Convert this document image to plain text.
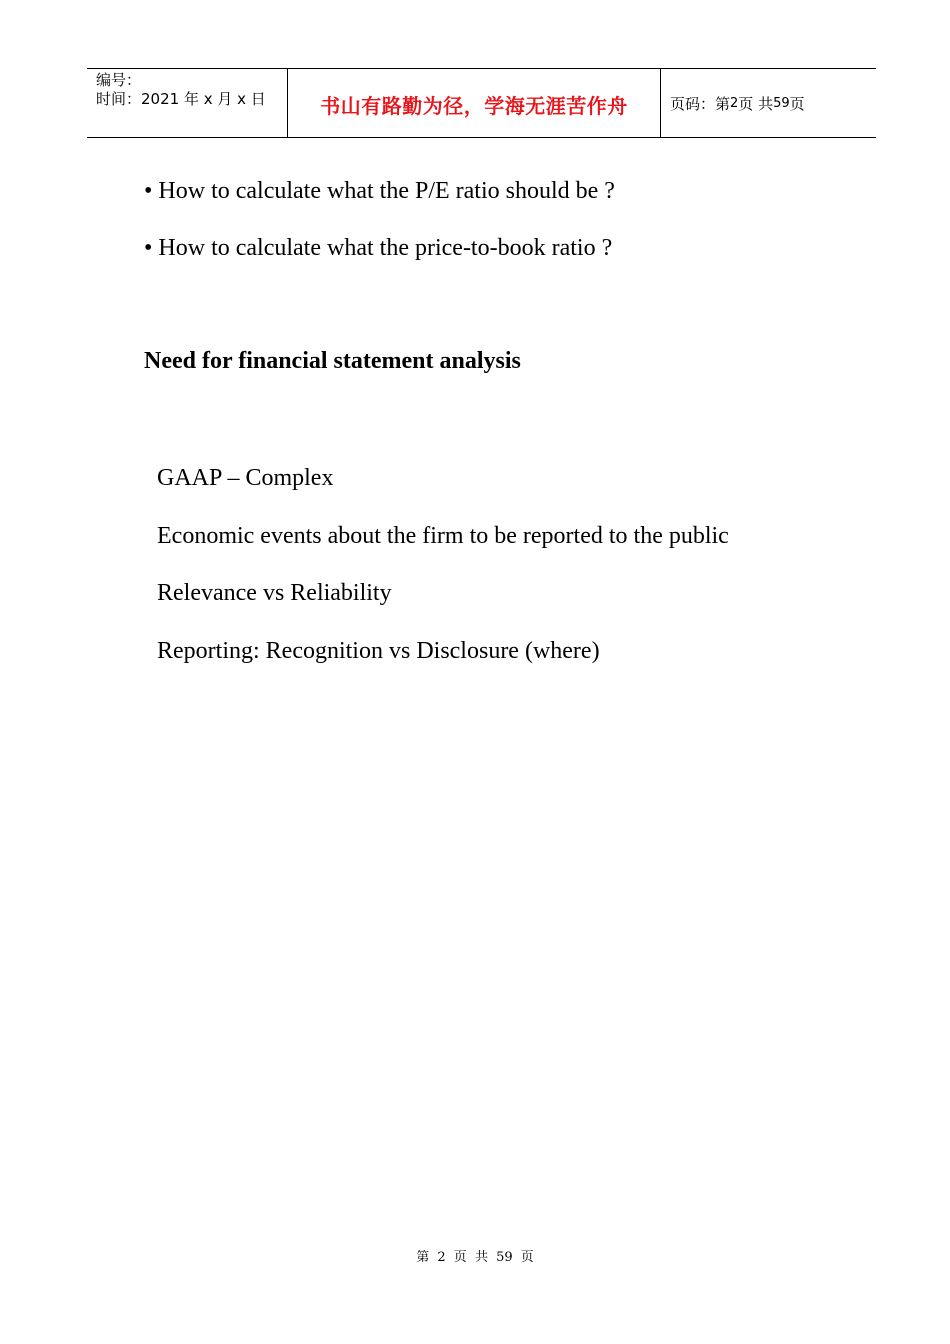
编号：
时间：2021 年 x 月 x 日	书山有路勤为径，学海无涯苦作舟	页码：第 2 页 共 59 页
• How to calculate what the P/E ratio should be ?
• How to calculate what the price-to-book ratio ?
Need for financial statement analysis
GAAP – Complex
Economic events about the firm to be reported to the public
Relevance vs Reliability
Reporting: Recognition vs Disclosure (where)
第 2 页 共 59 页
